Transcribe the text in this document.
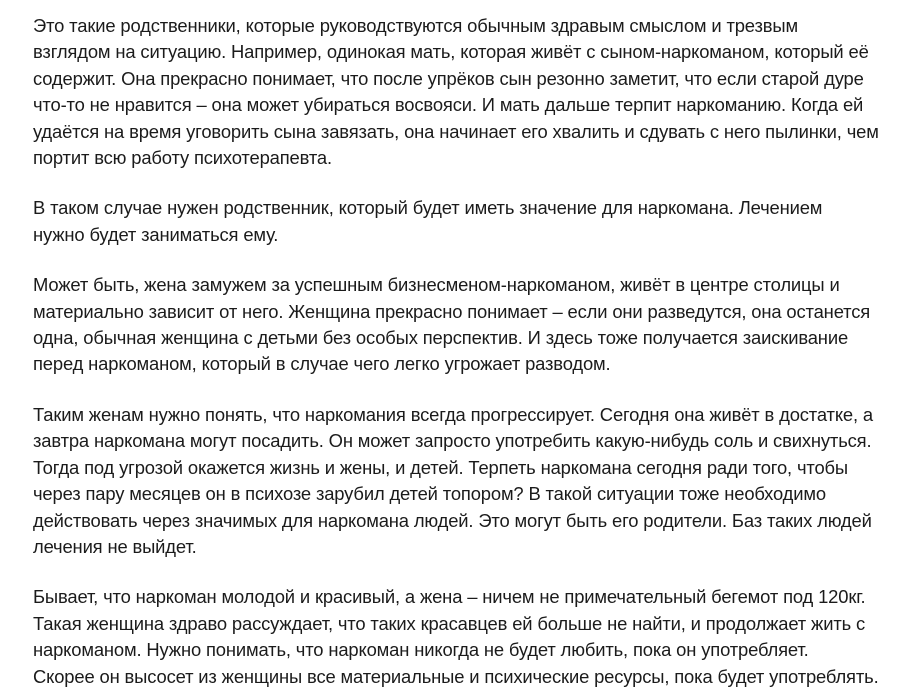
Это такие родственники, которые руководствуются обычным здравым смыслом и трезвым
взглядом на ситуацию. Например, одинокая мать, которая живёт с сыном-наркоманом, который её
содержит. Она прекрасно понимает, что после упрёков сын резонно заметит, что если старой дуре
что-то не нравится – она может убираться восвояси. И мать дальше терпит наркоманию. Когда ей
удаётся на время уговорить сына завязать, она начинает его хвалить и сдувать с него пылинки, чем
портит всю работу психотерапевта.

В таком случае нужен родственник, который будет иметь значение для наркомана. Лечением
нужно будет заниматься ему.

Может быть, жена замужем за успешным бизнесменом-наркоманом, живёт в центре столицы и
материально зависит от него. Женщина прекрасно понимает – если они разведутся, она останется
одна, обычная женщина с детьми без особых перспектив. И здесь тоже получается заискивание
перед наркоманом, который в случае чего легко угрожает разводом.

Таким женам нужно понять, что наркомания всегда прогрессирует. Сегодня она живёт в достатке, а
завтра наркомана могут посадить. Он может запросто употребить какую-нибудь соль и свихнуться.
Тогда под угрозой окажется жизнь и жены, и детей. Терпеть наркомана сегодня ради того, чтобы
через пару месяцев он в психозе зарубил детей топором? В такой ситуации тоже необходимо
действовать через значимых для наркомана людей. Это могут быть его родители. Баз таких людей
лечения не выйдет.

Бывает, что наркоман молодой и красивый, а жена – ничем не примечательный бегемот под 120кг.
Такая женщина здраво рассуждает, что таких красавцев ей больше не найти, и продолжает жить с
наркоманом. Нужно понимать, что наркоман никогда не будет любить, пока он употребляет.
Скорее он высосет из женщины все материальные и психические ресурсы, пока будет употреблять.
